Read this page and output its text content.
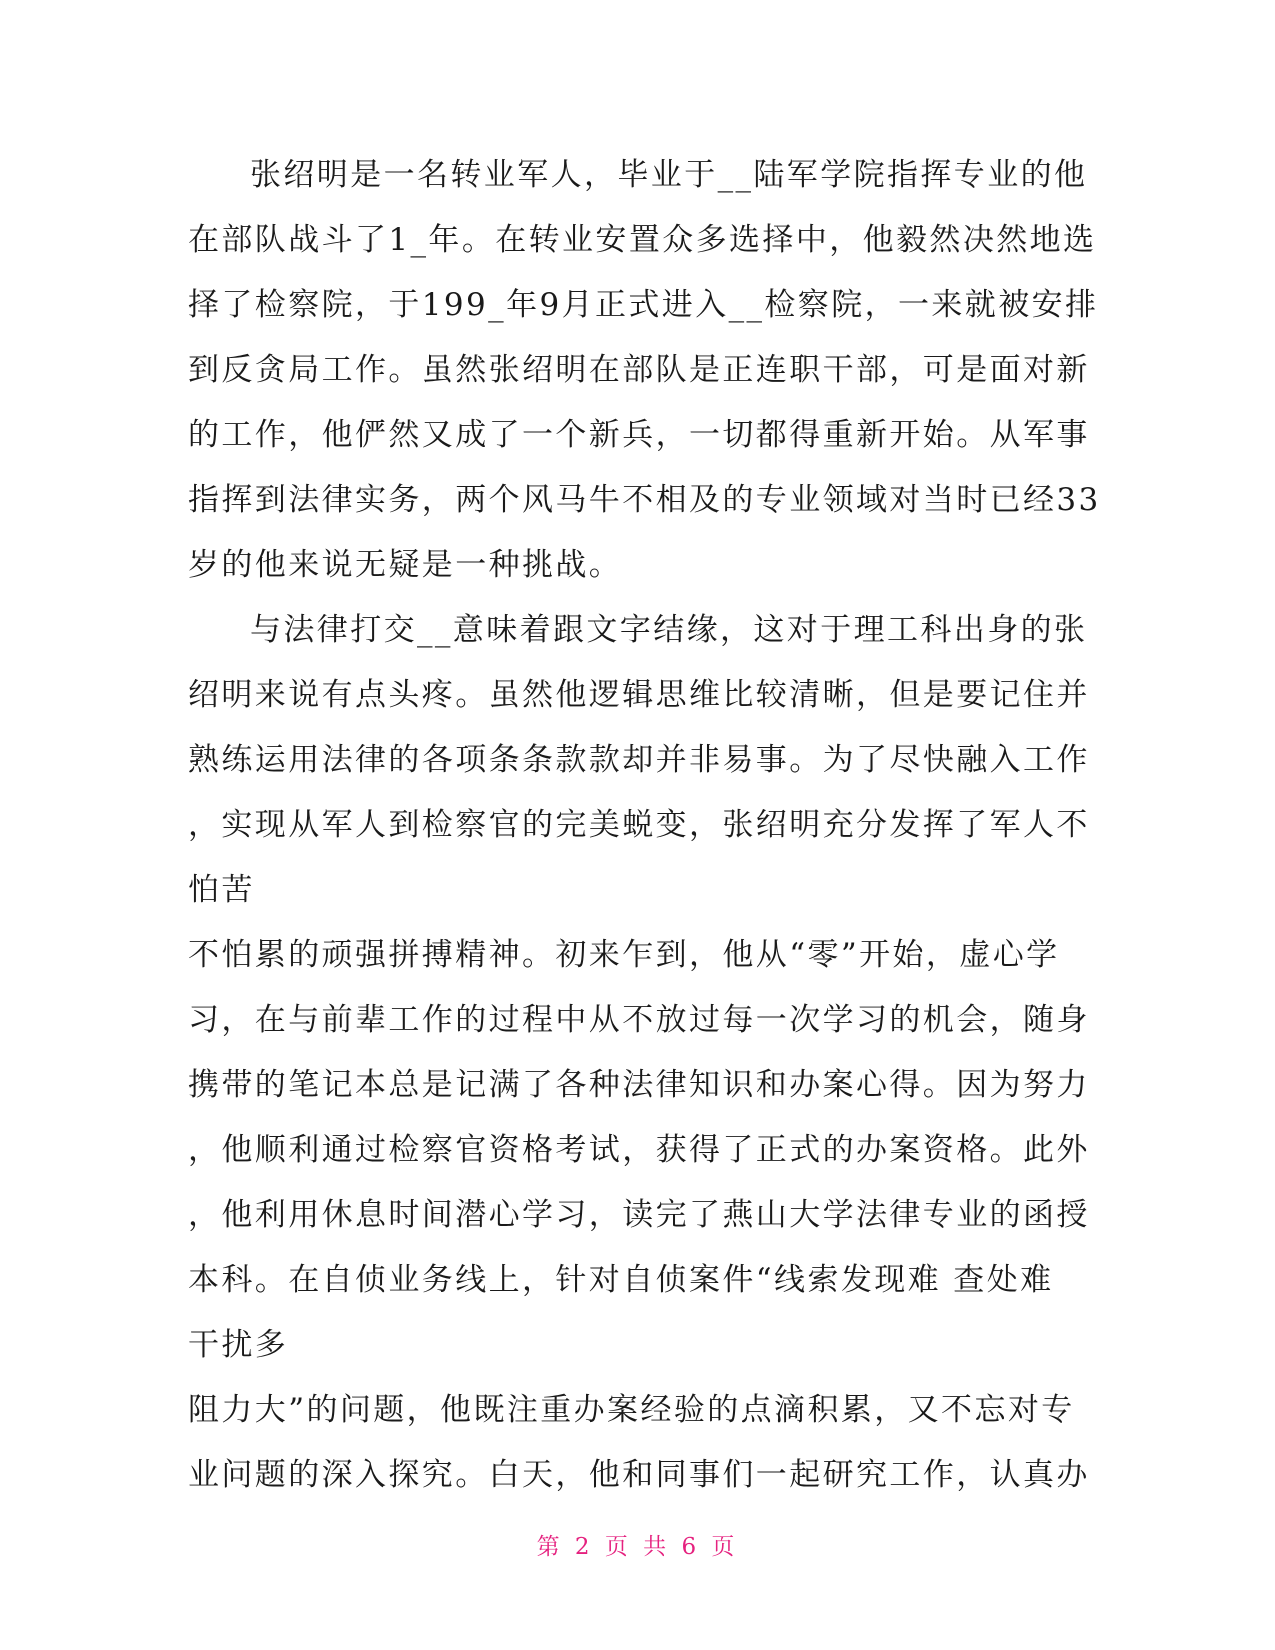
张绍明是一名转业军人，毕业于__陆军学院指挥专业的他
在部队战斗了1_年。在转业安置众多选择中，他毅然决然地选
择了检察院，于199_年9月正式进入__检察院，一来就被安排
到反贪局工作。虽然张绍明在部队是正连职干部，可是面对新
的工作，他俨然又成了一个新兵，一切都得重新开始。从军事
指挥到法律实务，两个风马牛不相及的专业领域对当时已经33
岁的他来说无疑是一种挑战。
与法律打交__意味着跟文字结缘，这对于理工科出身的张
绍明来说有点头疼。虽然他逻辑思维比较清晰，但是要记住并
熟练运用法律的各项条条款款却并非易事。为了尽快融入工作
，实现从军人到检察官的完美蜕变，张绍明充分发挥了军人不
怕苦
不怕累的顽强拼搏精神。初来乍到，他从“零”开始，虚心学
习，在与前辈工作的过程中从不放过每一次学习的机会，随身
携带的笔记本总是记满了各种法律知识和办案心得。因为努力
，他顺利通过检察官资格考试，获得了正式的办案资格。此外
，他利用休息时间潜心学习，读完了燕山大学法律专业的函授
本科。在自侦业务线上，针对自侦案件“线索发现难 查处难
干扰多
阻力大”的问题，他既注重办案经验的点滴积累，又不忘对专
业问题的深入探究。白天，他和同事们一起研究工作，认真办
第 2 页 共 6 页
